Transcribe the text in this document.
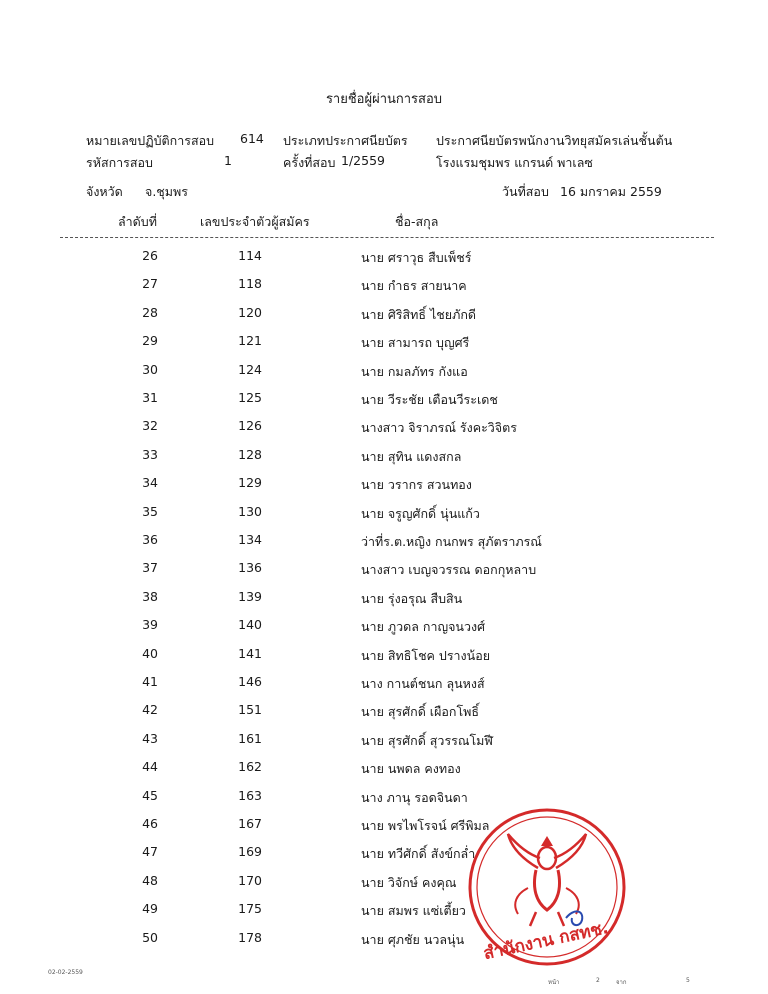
รายชื่อผู้ผ่านการสอบ
หมายเลขปฏิบัติการสอบ 614 ประเภทประกาศนียบัตร ประกาศนียบัตรพนักงานวิทยุสมัครเล่นชั้นต้น
รหัสการสอบ	1	ครั้งที่สอบ 1/2559	โรงแรมชุมพร แกรนด์ พาเลซ
จังหวัด จ.ชุมพร	วันที่สอบ 16 มกราคม 2559
ลำดับที่	เลขประจำตัวผู้สมัคร	ชื่อ-สกุล
26	114	นาย ศราวุธ สืบเพ็ชร์
27	118	นาย กำธร สายนาค
28	120	นาย ศิริสิทธิ์ ไชยภักดี
29	121	นาย สามารถ บุญศรี
30	124	นาย กมลภัทร กังแอ
31	125	นาย วีระชัย เตือนวีระเดช
32	126	นางสาว จิราภรณ์ รังคะวิจิตร
33	128	นาย สุทิน แดงสกล
34	129	นาย วรากร สวนทอง
35	130	นาย จรูญศักดิ์ นุ่นแก้ว
36	134	ว่าที่ร.ต.หญิง กนกพร สุภัตราภรณ์
37	136	นางสาว เบญจวรรณ ดอกกุหลาบ
38	139	นาย รุ่งอรุณ สืบสิน
39	140	นาย ภูวดล กาญจนวงศ์
40	141	นาย สิทธิโชค ปรางน้อย
41	146	นาง กานต์ชนก ลุนหงส์
42	151	นาย สุรศักดิ์ เผือกโพธิ์
43	161	นาย สุรศักดิ์ สุวรรณโมฬี
44	162	นาย นพดล คงทอง
45	163	นาง ภานุ รอดจินดา
46	167	นาย พรไพโรจน์ ศรีพิมล
47	169	นาย ทวีศักดิ์ สังข์กล่ำ
48	170	นาย วิจักษ์ คงคุณ
49	175	นาย สมพร แซ่เตี้ยว
50	178	นาย ศุภชัย นวลนุ่น
02-02-2559
หน้า	2	จาก	5
สำนักงาน กสทช.
